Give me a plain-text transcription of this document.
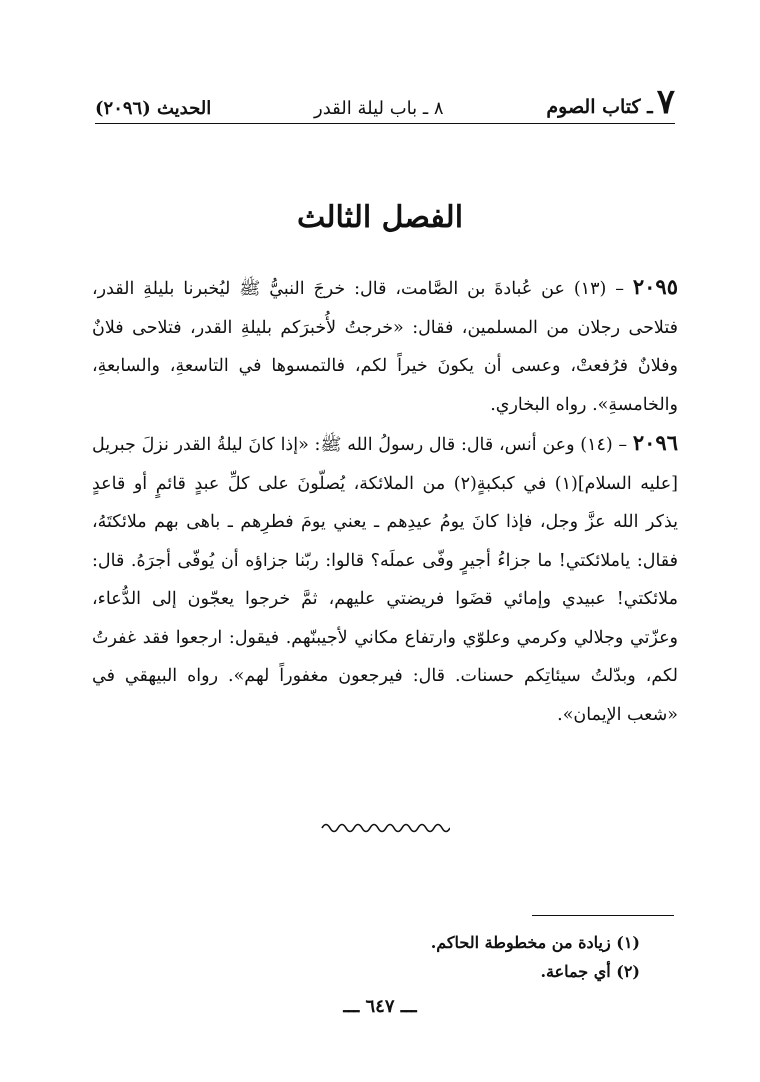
٧
ـ كتاب الصوم
٨ ـ باب ليلة القدر
الحديث (٢٠٩٦)
الفصل الثالث

٢٠٩٥ – (١٣) عن عُبادةَ بن الصَّامت، قال: خرجَ النبيُّ ﷺ ليُخبرنا بليلةِ القدر، فتلاحى رجلان من المسلمين، فقال: «خرجتُ لأُخبرَكم بليلةِ القدر، فتلاحى فلانٌ وفلانٌ فرُفعتْ، وعسى أن يكونَ خيراً لكم، فالتمسوها في التاسعةِ، والسابعةِ، والخامسةِ». رواه البخاري.

٢٠٩٦ – (١٤) وعن أنس، قال: قال رسولُ الله ﷺ: «إذا كانَ ليلةُ القدر نزلَ جبريل [عليه السلام](١) في كبكبةٍ(٢) من الملائكة، يُصلّونَ على كلِّ عبدٍ قائمٍ أو قاعدٍ يذكر الله عزَّ وجل، فإذا كانَ يومُ عيدِهم ـ يعني يومَ فطرِهم ـ باهى بهم ملائكتَهُ، فقال: ياملائكتي! ما جزاءُ أجيرٍ وفّى عملَه؟ قالوا: ربّنا جزاؤه أن يُوفّى أجرَهُ. قال: ملائكتي! عبيدي وإمائي قضَوا فريضتي عليهم، ثمَّ خرجوا يعجّون إلى الدُّعاء، وعزّتي وجلالي وكرمي وعلوّي وارتفاع مكاني لأجيبنّهم. فيقول: ارجعوا فقد غفرتُ لكم، وبدّلتُ سيئاتِكم حسنات. قال: فيرجعون مغفوراً لهم». رواه البيهقي في «شعب الإيمان».

(١) زيادة من مخطوطة الحاكم.

(٢) أي جماعة.

ـــ ٦٤٧ ـــ
